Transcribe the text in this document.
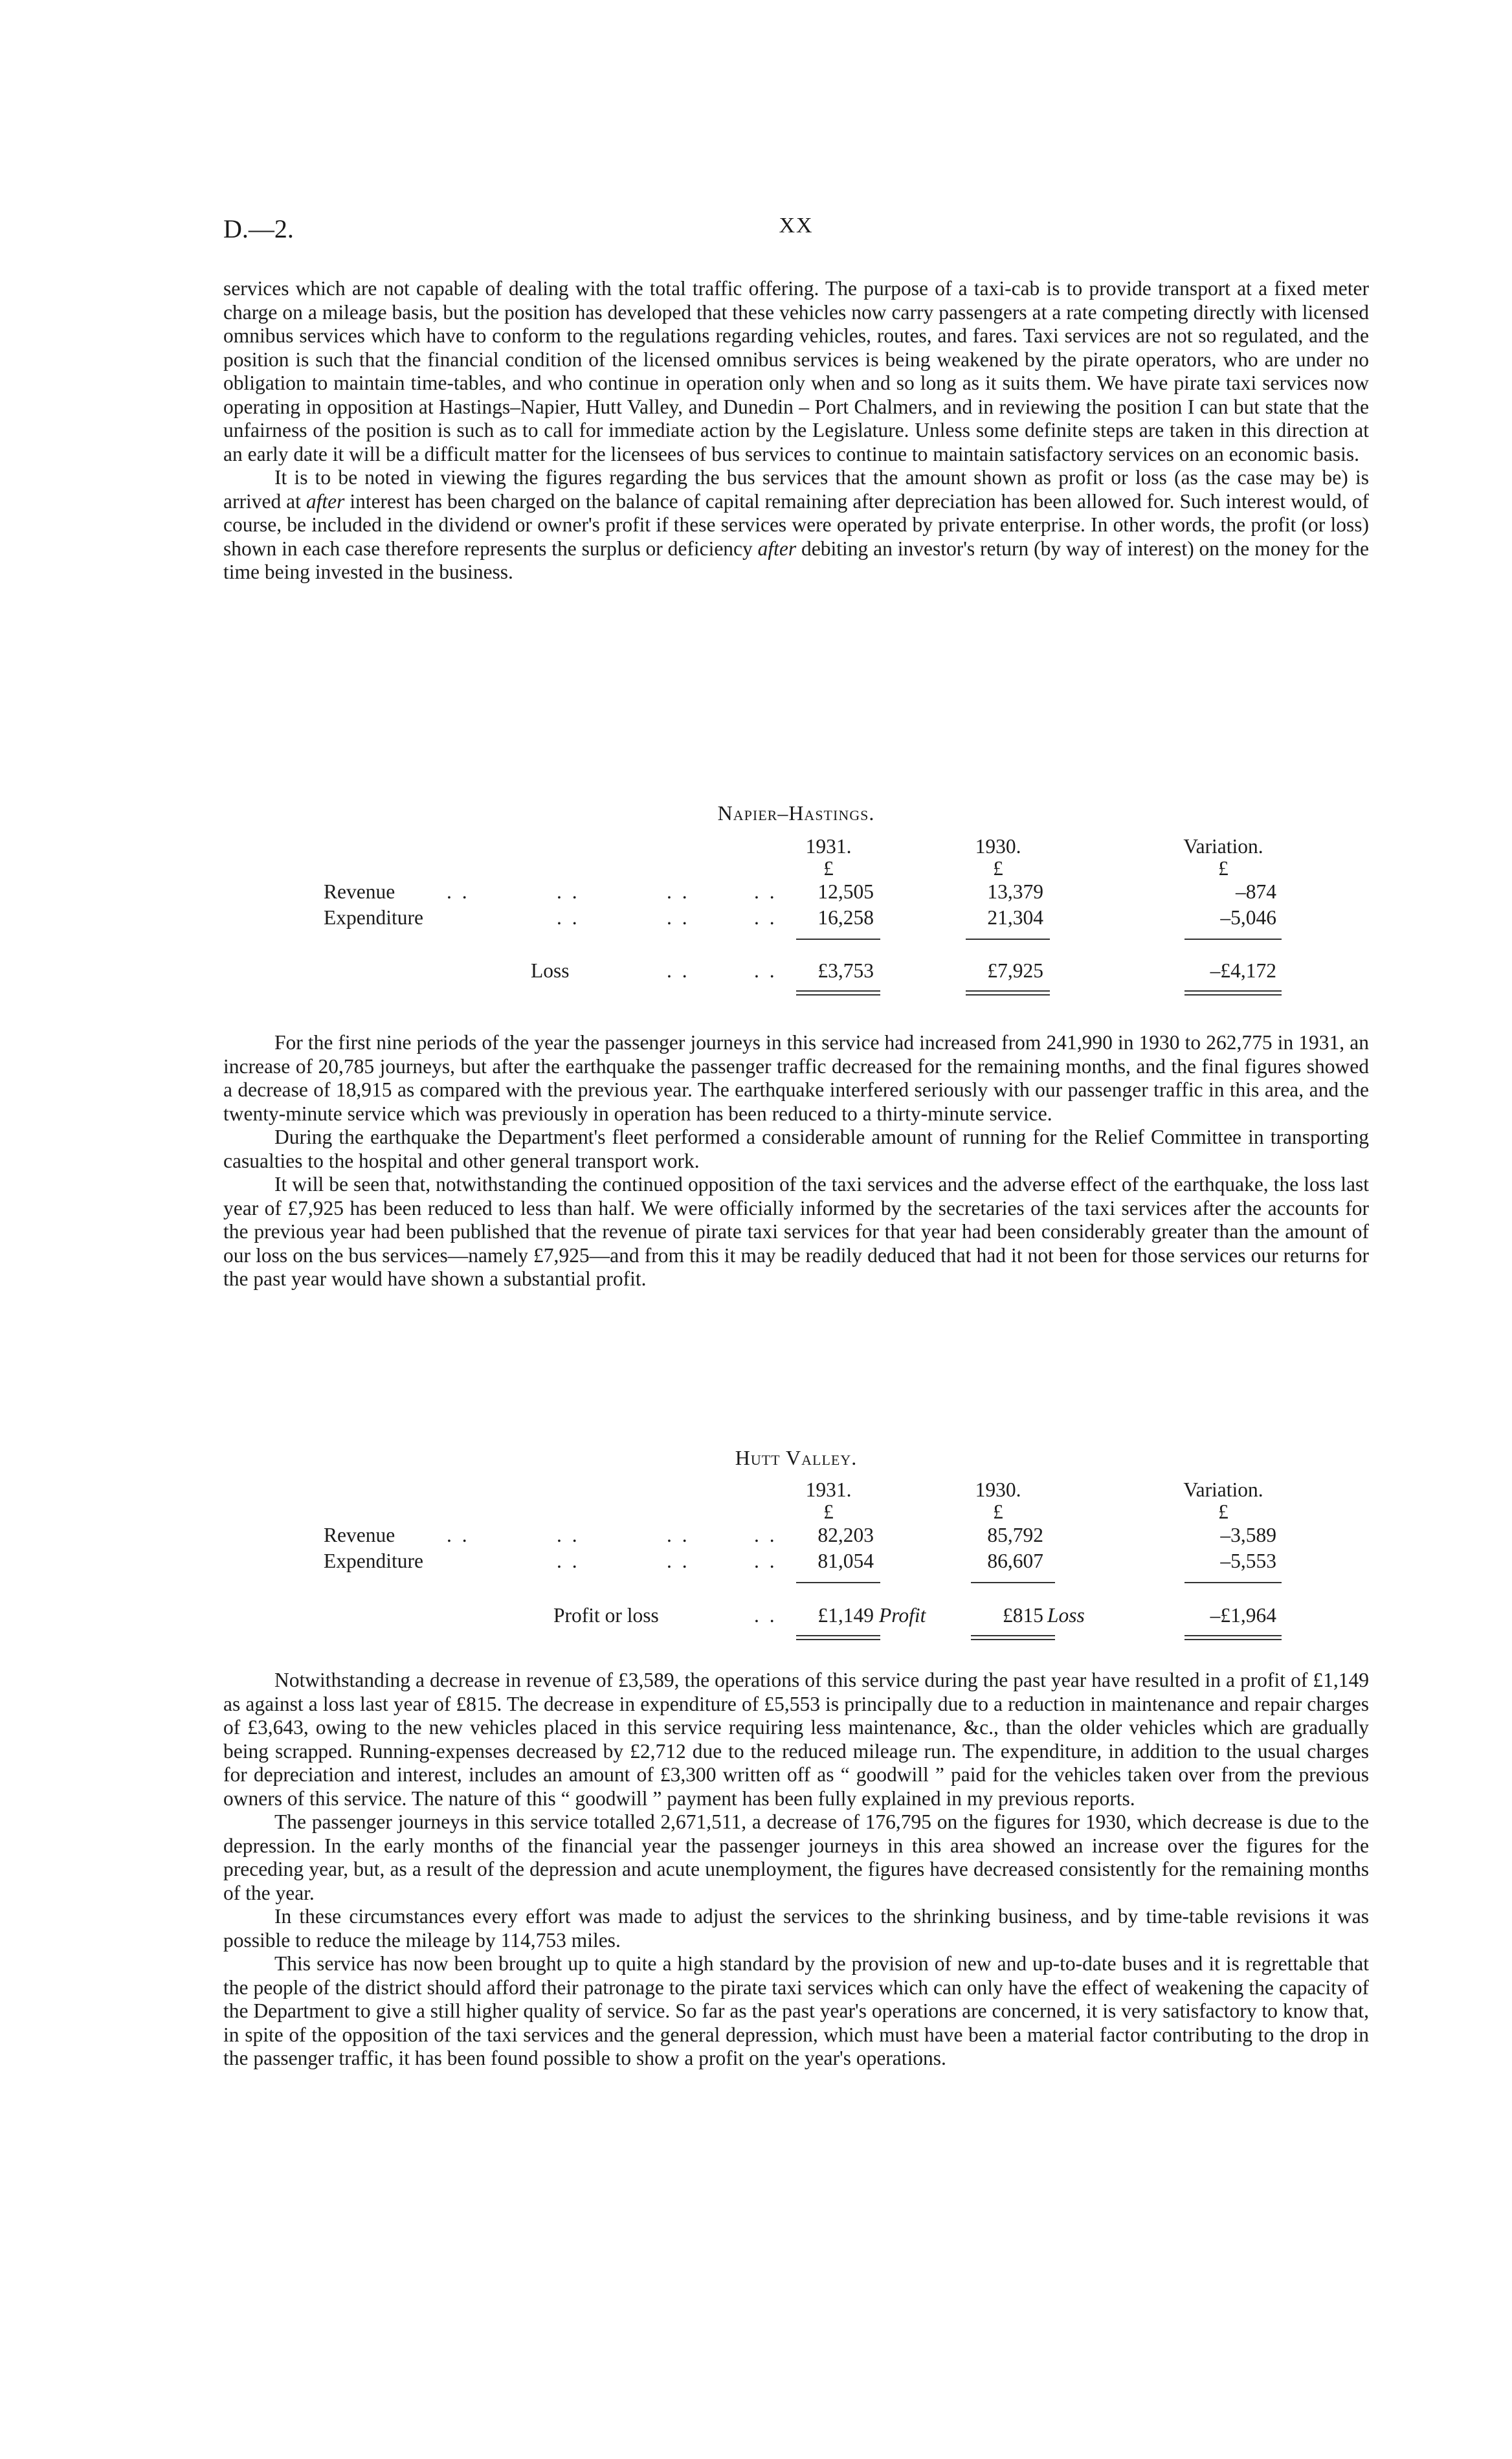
D.—2.	XX

services which are not capable of dealing with the total traffic offering. The purpose of a taxi-cab is to provide transport at a fixed meter charge on a mileage basis, but the position has developed that these vehicles now carry passengers at a rate competing directly with licensed omnibus services which have to conform to the regulations regarding vehicles, routes, and fares. Taxi services are not so regulated, and the position is such that the financial condition of the licensed omnibus services is being weakened by the pirate operators, who are under no obligation to maintain time-tables, and who continue in operation only when and so long as it suits them. We have pirate taxi services now operating in opposition at Hastings–Napier, Hutt Valley, and Dunedin – Port Chalmers, and in reviewing the position I can but state that the unfairness of the position is such as to call for immediate action by the Legislature. Unless some definite steps are taken in this direction at an early date it will be a difficult matter for the licensees of bus services to continue to maintain satisfactory services on an economic basis.

It is to be noted in viewing the figures regarding the bus services that the amount shown as profit or loss (as the case may be) is arrived at after interest has been charged on the balance of capital remaining after depreciation has been allowed for. Such interest would, of course, be included in the dividend or owner's profit if these services were operated by private enterprise. In other words, the profit (or loss) shown in each case therefore represents the surplus or deficiency after debiting an investor's return (by way of interest) on the money for the time being invested in the business.

Napier–Hastings.
1931.	1930.	Variation.
£	£	£
Revenue	. .	. .	. .	. .	12,505	13,379	–874
Expenditure	. .	. .	. .	16,258	21,304	–5,046
Loss	. .	. .	£3,753	£7,925	–£4,172

For the first nine periods of the year the passenger journeys in this service had increased from 241,990 in 1930 to 262,775 in 1931, an increase of 20,785 journeys, but after the earthquake the passenger traffic decreased for the remaining months, and the final figures showed a decrease of 18,915 as compared with the previous year. The earthquake interfered seriously with our passenger traffic in this area, and the twenty-minute service which was previously in operation has been reduced to a thirty-minute service.

During the earthquake the Department's fleet performed a considerable amount of running for the Relief Committee in transporting casualties to the hospital and other general transport work.

It will be seen that, notwithstanding the continued opposition of the taxi services and the adverse effect of the earthquake, the loss last year of £7,925 has been reduced to less than half. We were officially informed by the secretaries of the taxi services after the accounts for the previous year had been published that the revenue of pirate taxi services for that year had been considerably greater than the amount of our loss on the bus services—namely £7,925—and from this it may be readily deduced that had it not been for those services our returns for the past year would have shown a substantial profit.

Hutt Valley.
1931.	1930.	Variation.
£	£	£
Revenue	. .	. .	. .	. .	82,203	85,792	–3,589
Expenditure	. .	. .	. .	81,054	86,607	–5,553
Profit or loss	. .	£1,149 Profit	£815 Loss	–£1,964

Notwithstanding a decrease in revenue of £3,589, the operations of this service during the past year have resulted in a profit of £1,149 as against a loss last year of £815. The decrease in expenditure of £5,553 is principally due to a reduction in maintenance and repair charges of £3,643, owing to the new vehicles placed in this service requiring less maintenance, &c., than the older vehicles which are gradually being scrapped. Running-expenses decreased by £2,712 due to the reduced mileage run. The expenditure, in addition to the usual charges for depreciation and interest, includes an amount of £3,300 written off as “ goodwill ” paid for the vehicles taken over from the previous owners of this service. The nature of this “ goodwill ” payment has been fully explained in my previous reports.

The passenger journeys in this service totalled 2,671,511, a decrease of 176,795 on the figures for 1930, which decrease is due to the depression. In the early months of the financial year the passenger journeys in this area showed an increase over the figures for the preceding year, but, as a result of the depression and acute unemployment, the figures have decreased consistently for the remaining months of the year.

In these circumstances every effort was made to adjust the services to the shrinking business, and by time-table revisions it was possible to reduce the mileage by 114,753 miles.

This service has now been brought up to quite a high standard by the provision of new and up-to-date buses and it is regrettable that the people of the district should afford their patronage to the pirate taxi services which can only have the effect of weakening the capacity of the Department to give a still higher quality of service. So far as the past year's operations are concerned, it is very satisfactory to know that, in spite of the opposition of the taxi services and the general depression, which must have been a material factor contributing to the drop in the passenger traffic, it has been found possible to show a profit on the year's operations.
